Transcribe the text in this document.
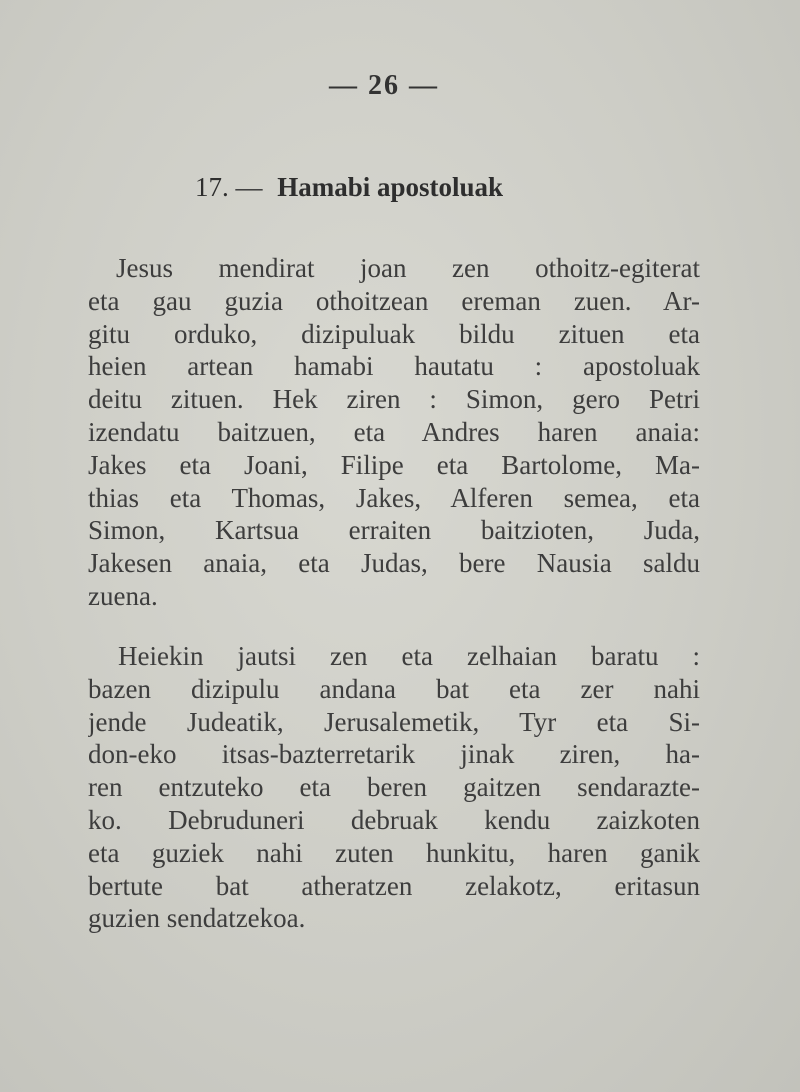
— 26 —
17. — Hamabi apostoluak
Jesus mendirat joan zen othoitz-egiterat
eta gau guzia othoitzean ereman zuen. Ar-
gitu orduko, dizipuluak bildu zituen eta
heien artean hamabi hautatu : apostoluak
deitu zituen. Hek ziren : Simon, gero Petri
izendatu baitzuen, eta Andres haren anaia:
Jakes eta Joani, Filipe eta Bartolome, Ma-
thias eta Thomas, Jakes, Alferen semea, eta
Simon, Kartsua erraiten baitzioten, Juda,
Jakesen anaia, eta Judas, bere Nausia saldu
zuena.
Heiekin jautsi zen eta zelhaian baratu :
bazen dizipulu andana bat eta zer nahi
jende Judeatik, Jerusalemetik, Tyr eta Si-
don-eko itsas-bazterretarik jinak ziren, ha-
ren entzuteko eta beren gaitzen sendarazte-
ko. Debruduneri debruak kendu zaizkoten
eta guziek nahi zuten hunkitu, haren ganik
bertute bat atheratzen zelakotz, eritasun
guzien sendatzekoa.
